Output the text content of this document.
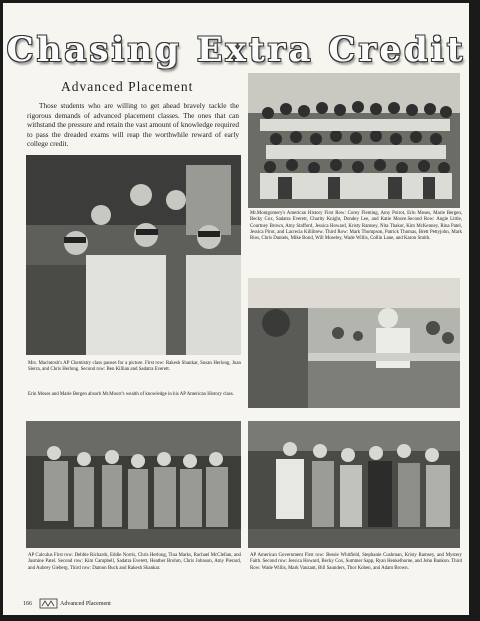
Chasing Extra Credit
Advanced Placement
Those students who are willing to get ahead bravely tackle the rigorous demands of advanced placement classes. The ones that can withstand the pressure and retain the vast amount of knowledge required to pass the dreaded exams will reap the worthwhile reward of early college credit.
Mr.Montgomery's American History First Row: Corey Fleming, Amy Poirot, Erin Moses, Marie Bergen, Becky Cox, Sadatra Everett, Charity Knight, Dondey Lee, and Katie Moore.Second Row: Angie Little, Courtney Brown, Amy Stafford, Jessica Howard, Kristy Ramsey, Nita Thakor, Kim McKenney, Rina Patel, Jessica Pirot, and Lacrecia Killibrew. Third Row: Mark Thompson, Patrick Thomas, Brett Pettyjohn, Mark Rios, Chris Daniels, Mike Bond, Will Moseley, Wade Willis, Collin Lane, and Karon Smith.
Mrs. Macintosh's AP Chemistry class pauses for a picture. First row: Rakesh Shankar, Susan Herlong, Juan Sierra, and Chris Herlong. Second row: Ben Killian and Sadatra Everett.
Erin Moses and Marie Bergen absorb Mr.Moorr's wealth of knowledge in his AP American History class.
AP Calculus First row: Debbie Richards, Eddie Norris, Chris Herlong, Tina Marks, Rachael McClellan, and Jasmine Patel. Second row: Kim Campbell, Sadatra Everett, Heather Brohm, Chris Johnson, Amy Pierard, and Aubrey Gieberg. Third row: Damon Buck and Rakesh Shankar.
AP American Government First row: Bessie Whitfield, Stephanie Cushman, Kristy Ramsey, and Mystery Faith. Second row: Jessica Howard, Becky Cox, Summer Sapp, Ryan Henkelhorne, and John Bankon. Third Row: Wade Willis, Mark Vanzant, Bill Saunders, Thor Kohen, and Adam Brown.
166	Advanced Placement
